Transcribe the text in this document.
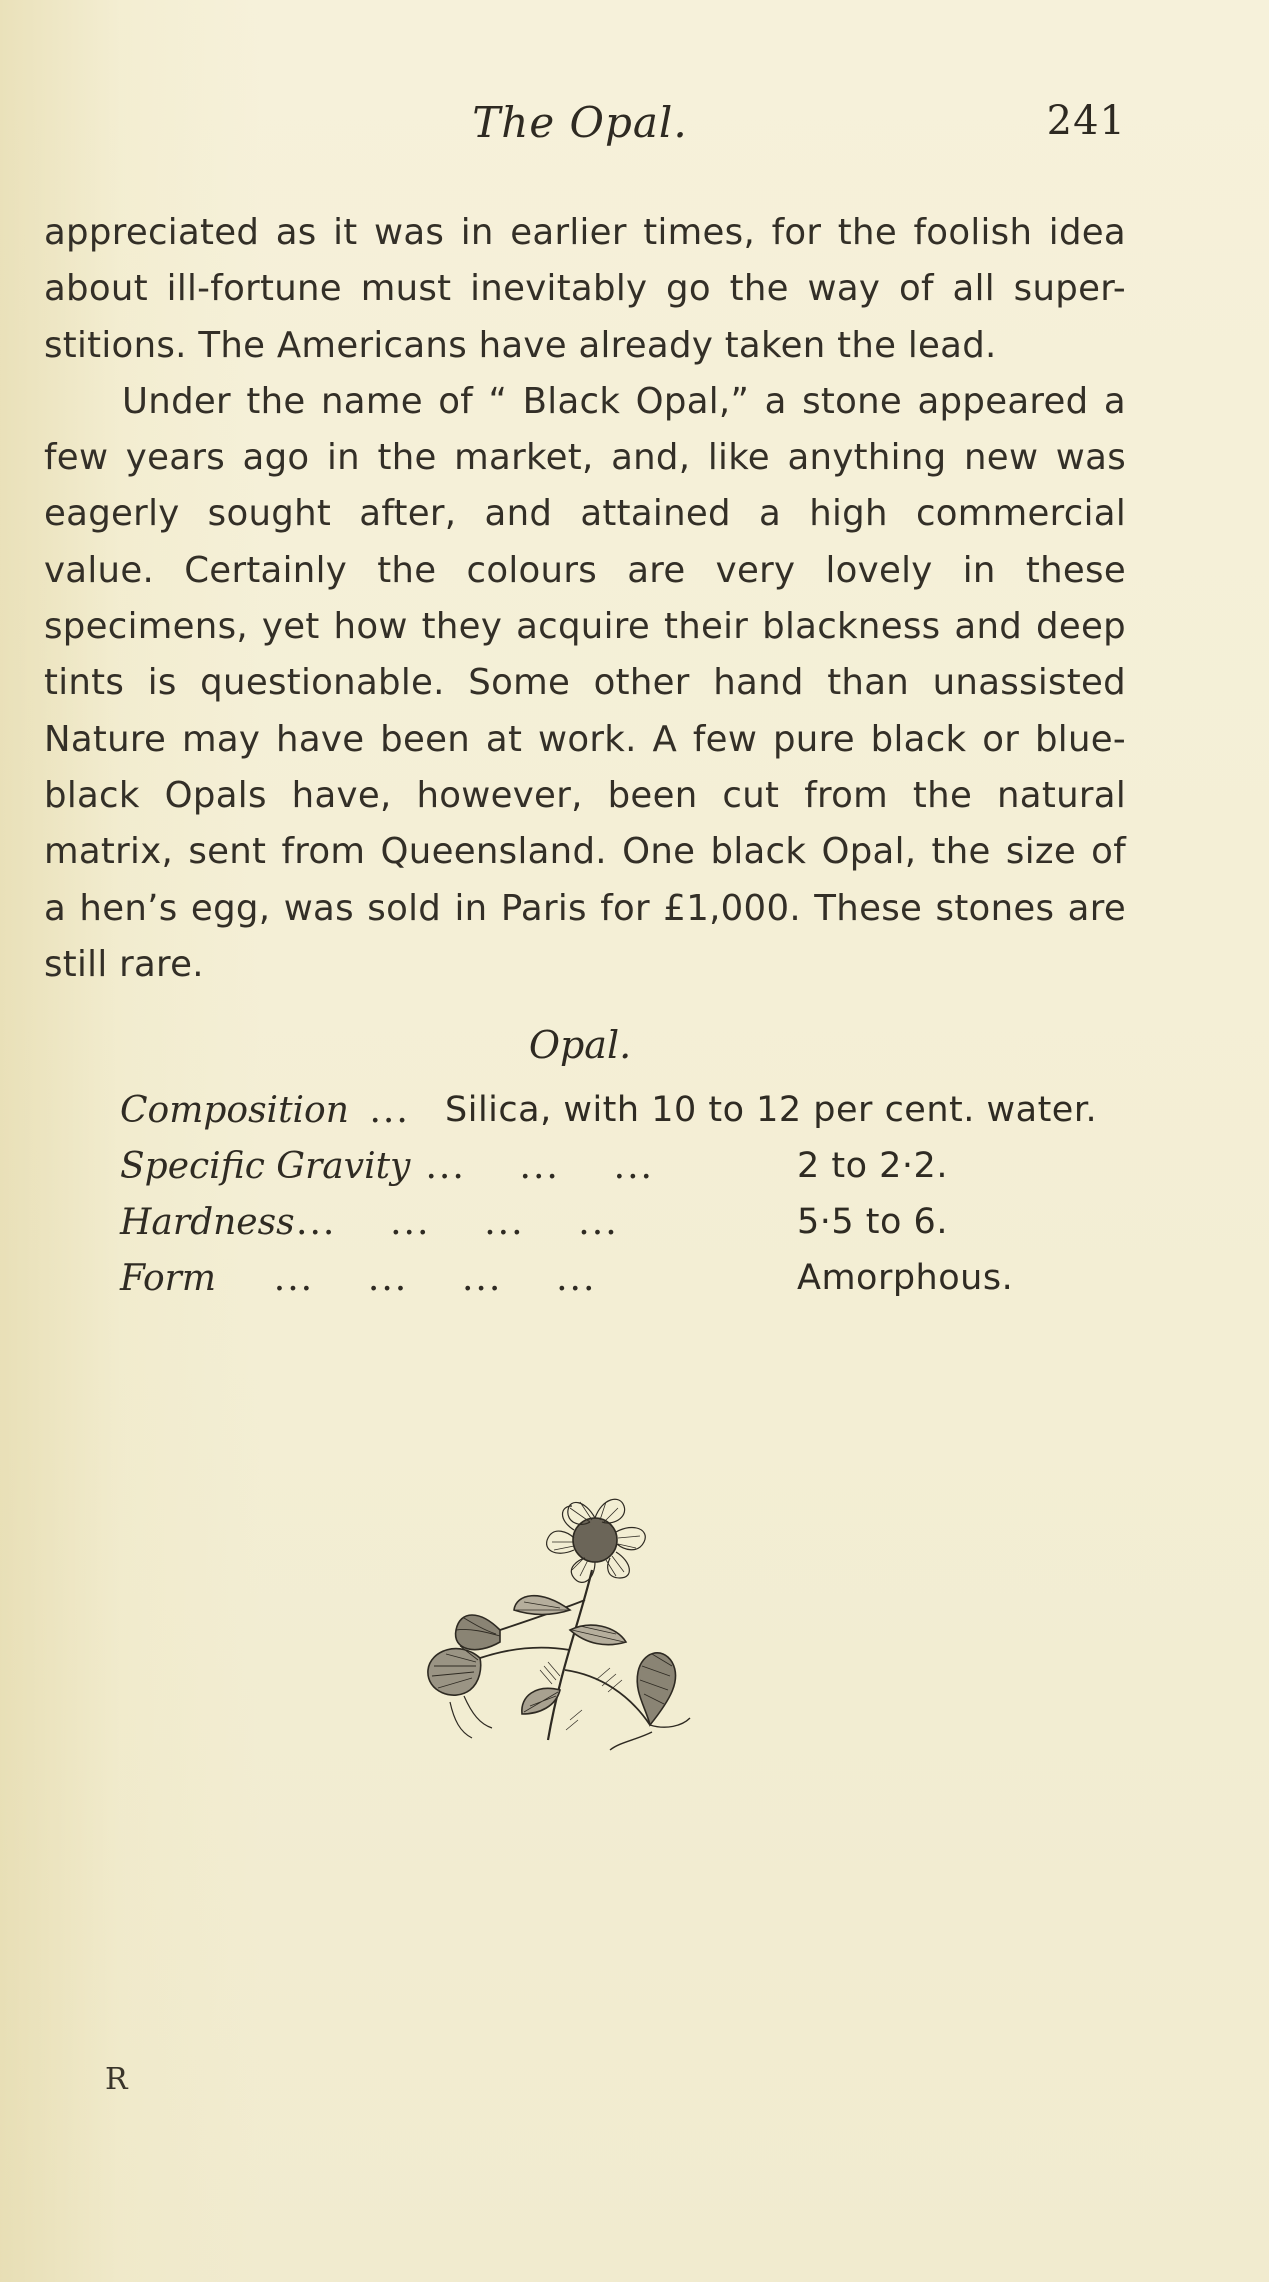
The Opal.	241

appreciated as it was in earlier times, for the foolish idea about ill-fortune must inevitably go the way of all super-stitions. The Americans have already taken the lead.

Under the name of “ Black Opal,” a stone appeared a few years ago in the market, and, like anything new was eagerly sought after, and attained a high commercial value. Certainly the colours are very lovely in these specimens, yet how they acquire their blackness and deep tints is questionable. Some other hand than unassisted Nature may have been at work. A few pure black or blue-black Opals have, however, been cut from the natural matrix, sent from Queensland. One black Opal, the size of a hen’s egg, was sold in Paris for £1,000. These stones are still rare.

Opal.
Composition ... Silica, with 10 to 12 per cent. water.
Specific Gravity ...    ...    ...	2 to 2·2.
Hardness ...    ...    ...    ...	5·5 to 6.
Form ...    ...    ...    ...	Amorphous.
R
